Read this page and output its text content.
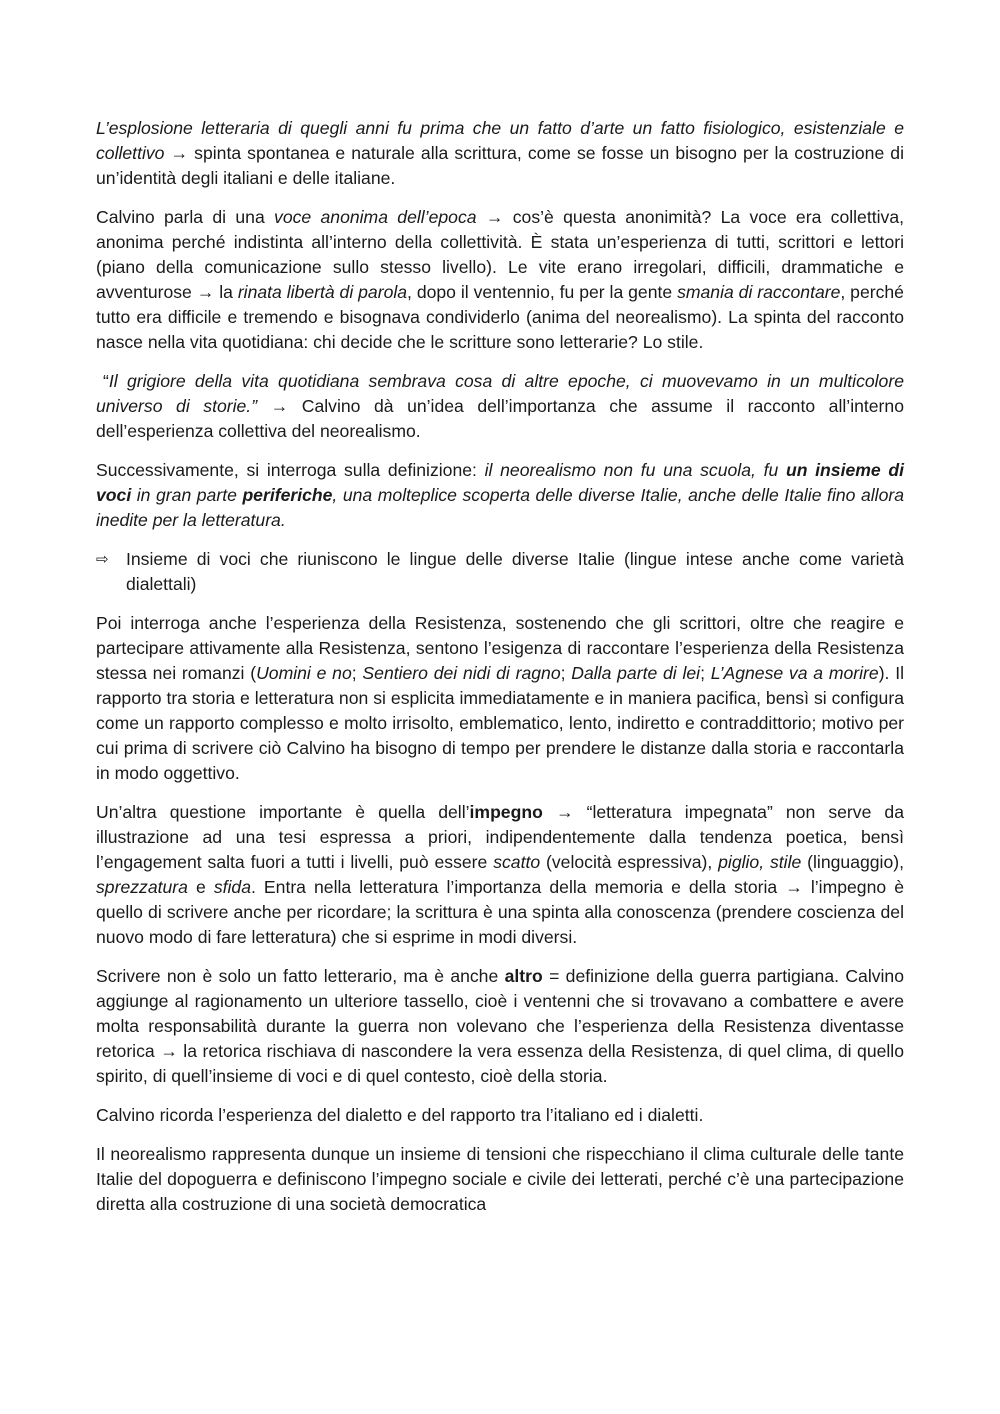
L’esplosione letteraria di quegli anni fu prima che un fatto d’arte un fatto fisiologico, esistenziale e collettivo → spinta spontanea e naturale alla scrittura, come se fosse un bisogno per la costruzione di un’identità degli italiani e delle italiane.

Calvino parla di una voce anonima dell’epoca → cos’è questa anonimità? La voce era collettiva, anonima perché indistinta all’interno della collettività. È stata un’esperienza di tutti, scrittori e lettori (piano della comunicazione sullo stesso livello). Le vite erano irregolari, difficili, drammatiche e avventurose → la rinata libertà di parola, dopo il ventennio, fu per la gente smania di raccontare, perché tutto era difficile e tremendo e bisognava condividerlo (anima del neorealismo). La spinta del racconto nasce nella vita quotidiana: chi decide che le scritture sono letterarie? Lo stile.

“Il grigiore della vita quotidiana sembrava cosa di altre epoche, ci muovevamo in un multicolore universo di storie.” → Calvino dà un’idea dell’importanza che assume il racconto all’interno dell’esperienza collettiva del neorealismo.

Successivamente, si interroga sulla definizione: il neorealismo non fu una scuola, fu un insieme di voci in gran parte periferiche, una molteplice scoperta delle diverse Italie, anche delle Italie fino allora inedite per la letteratura.

⇨ Insieme di voci che riuniscono le lingue delle diverse Italie (lingue intese anche come varietà dialettali)

Poi interroga anche l’esperienza della Resistenza, sostenendo che gli scrittori, oltre che reagire e partecipare attivamente alla Resistenza, sentono l’esigenza di raccontare l’esperienza della Resistenza stessa nei romanzi (Uomini e no; Sentiero dei nidi di ragno; Dalla parte di lei; L’Agnese va a morire). Il rapporto tra storia e letteratura non si esplicita immediatamente e in maniera pacifica, bensì si configura come un rapporto complesso e molto irrisolto, emblematico, lento, indiretto e contraddittorio; motivo per cui prima di scrivere ciò Calvino ha bisogno di tempo per prendere le distanze dalla storia e raccontarla in modo oggettivo.

Un’altra questione importante è quella dell’impegno → “letteratura impegnata” non serve da illustrazione ad una tesi espressa a priori, indipendentemente dalla tendenza poetica, bensì l’engagement salta fuori a tutti i livelli, può essere scatto (velocità espressiva), piglio, stile (linguaggio), sprezzatura e sfida. Entra nella letteratura l’importanza della memoria e della storia → l’impegno è quello di scrivere anche per ricordare; la scrittura è una spinta alla conoscenza (prendere coscienza del nuovo modo di fare letteratura) che si esprime in modi diversi.

Scrivere non è solo un fatto letterario, ma è anche altro = definizione della guerra partigiana. Calvino aggiunge al ragionamento un ulteriore tassello, cioè i ventenni che si trovavano a combattere e avere molta responsabilità durante la guerra non volevano che l’esperienza della Resistenza diventasse retorica → la retorica rischiava di nascondere la vera essenza della Resistenza, di quel clima, di quello spirito, di quell’insieme di voci e di quel contesto, cioè della storia.

Calvino ricorda l’esperienza del dialetto e del rapporto tra l’italiano ed i dialetti.

Il neorealismo rappresenta dunque un insieme di tensioni che rispecchiano il clima culturale delle tante Italie del dopoguerra e definiscono l’impegno sociale e civile dei letterati, perché c’è una partecipazione diretta alla costruzione di una società democratica
